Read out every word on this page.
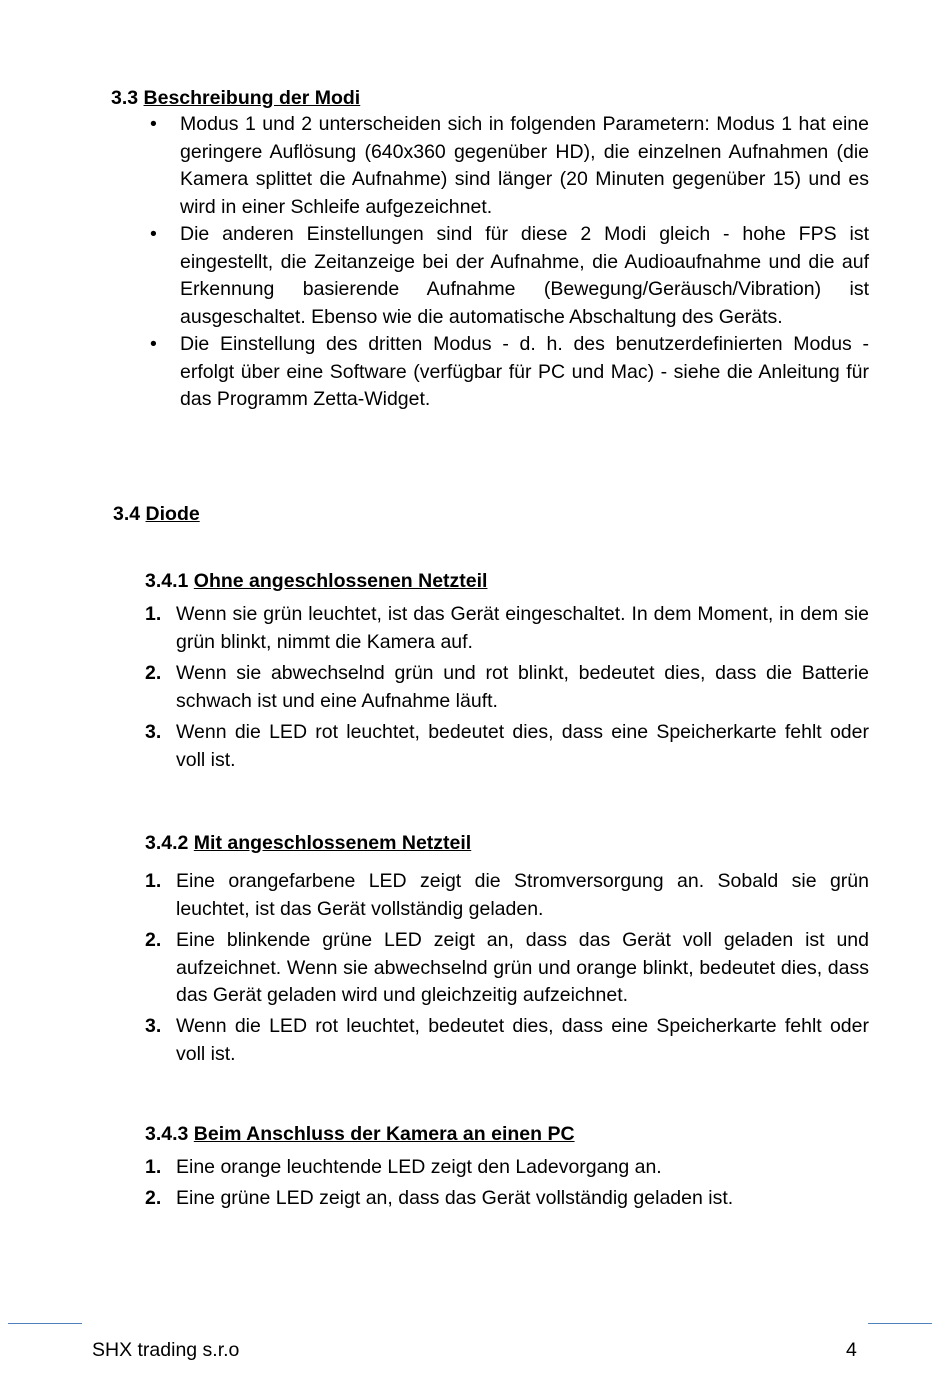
3.3 Beschreibung der Modi
•	Modus 1 und 2 unterscheiden sich in folgenden Parametern: Modus 1 hat eine geringere Auflösung (640x360 gegenüber HD), die einzelnen Aufnahmen (die Kamera splittet die Aufnahme) sind länger (20 Minuten gegenüber 15) und es wird in einer Schleife aufgezeichnet.
•	Die anderen Einstellungen sind für diese 2 Modi gleich - hohe FPS ist eingestellt, die Zeitanzeige bei der Aufnahme, die Audioaufnahme und die auf Erkennung basierende Aufnahme (Bewegung/Geräusch/Vibration) ist ausgeschaltet. Ebenso wie die automatische Abschaltung des Geräts.
•	Die Einstellung des dritten Modus - d. h. des benutzerdefinierten Modus - erfolgt über eine Software (verfügbar für PC und Mac) - siehe die Anleitung für das Programm Zetta-Widget.
3.4 Diode
3.4.1 Ohne angeschlossenen Netzteil
1. Wenn sie grün leuchtet, ist das Gerät eingeschaltet. In dem Moment, in dem sie grün blinkt, nimmt die Kamera auf.
2. Wenn sie abwechselnd grün und rot blinkt, bedeutet dies, dass die Batterie schwach ist und eine Aufnahme läuft.
3. Wenn die LED rot leuchtet, bedeutet dies, dass eine Speicherkarte fehlt oder voll ist.
3.4.2 Mit angeschlossenem Netzteil
1. Eine orangefarbene LED zeigt die Stromversorgung an. Sobald sie grün leuchtet, ist das Gerät vollständig geladen.
2. Eine blinkende grüne LED zeigt an, dass das Gerät voll geladen ist und aufzeichnet. Wenn sie abwechselnd grün und orange blinkt, bedeutet dies, dass das Gerät geladen wird und gleichzeitig aufzeichnet.
3. Wenn die LED rot leuchtet, bedeutet dies, dass eine Speicherkarte fehlt oder voll ist.
3.4.3 Beim Anschluss der Kamera an einen PC
1. Eine orange leuchtende LED zeigt den Ladevorgang an.
2. Eine grüne LED zeigt an, dass das Gerät vollständig geladen ist.
SHX trading s.r.o	4
